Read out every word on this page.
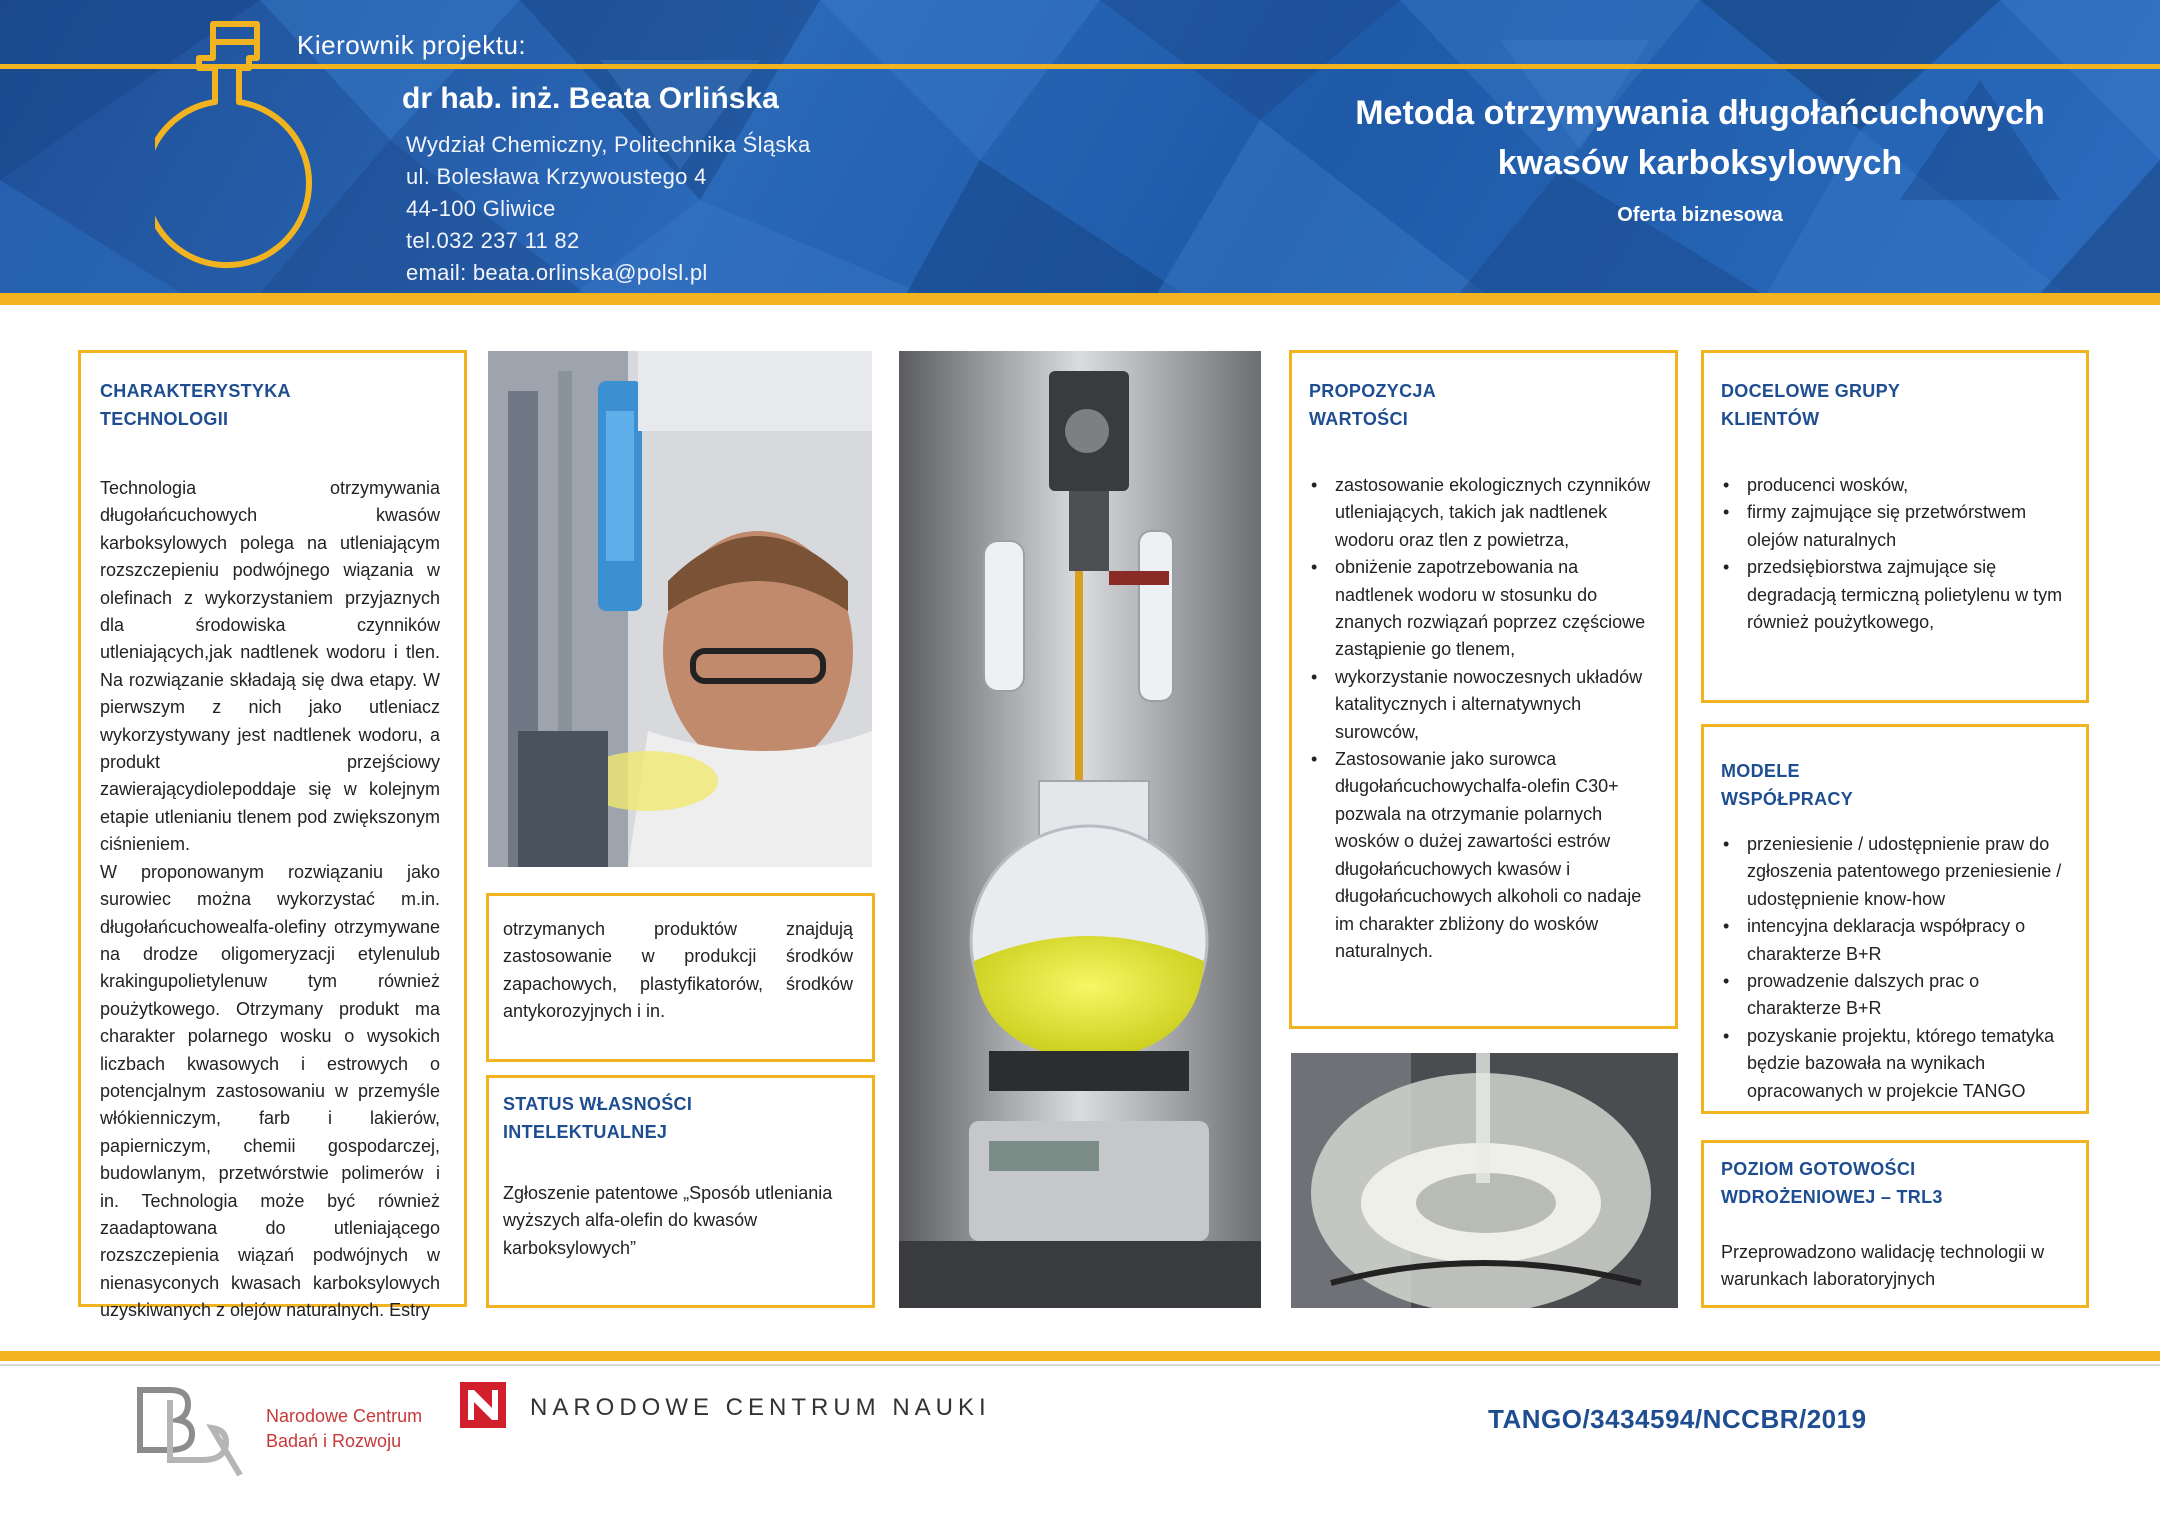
Kierownik projektu:
dr hab. inż. Beata Orlińska
Wydział Chemiczny, Politechnika Śląska
ul. Bolesława Krzywoustego 4
44-100 Gliwice
tel.032 237 11 82
email: beata.orlinska@polsl.pl
Metoda otrzymywania długołańcuchowych
kwasów karboksylowych
Oferta biznesowa
CHARAKTERYSTYKA
TECHNOLOGII
Technologia otrzymywania długołańcuchowych kwasów karboksylowych polega na utleniającym rozszczepieniu podwójnego wiązania w olefinach z wykorzystaniem przyjaznych dla środowiska czynników utleniających,jak nadtlenek wodoru i tlen. Na rozwiązanie składają się dwa etapy. W pierwszym z nich jako utleniacz wykorzystywany jest nadtlenek wodoru, a produkt przejściowy zawierającydiolepoddaje się w kolejnym etapie utlenianiu tlenem pod zwiększonym ciśnieniem.
W proponowanym rozwiązaniu jako surowiec można wykorzystać m.in. długołańcuchowealfa-olefiny otrzymywane na drodze oligomeryzacji etylenulub krakingupolietylenuw tym również poużytkowego. Otrzymany produkt ma charakter polarnego wosku o wysokich liczbach kwasowych i estrowych o potencjalnym zastosowaniu w przemyśle włókienniczym, farb i lakierów, papierniczym, chemii gospodarczej, budowlanym, przetwórstwie polimerów i in. Technologia może być również zaadaptowana do utleniającego rozszczepienia wiązań podwójnych w nienasyconych kwasach karboksylowych uzyskiwanych z olejów naturalnych. Estry
otrzymanych produktów znajdują zastosowanie w produkcji środków zapachowych, plastyfikatorów, środków antykorozyjnych i in.
STATUS WŁASNOŚCI
INTELEKTUALNEJ
Zgłoszenie patentowe „Sposób utleniania wyższych alfa-olefin do kwasów karboksylowych”
PROPOZYCJA
WARTOŚCI
• zastosowanie ekologicznych czynników utleniających, takich jak nadtlenek wodoru oraz tlen z powietrza,
• obniżenie zapotrzebowania na nadtlenek wodoru w stosunku do znanych rozwiązań poprzez częściowe zastąpienie go tlenem,
• wykorzystanie nowoczesnych układów katalitycznych i alternatywnych surowców,
• Zastosowanie jako surowca długołańcuchowychalfa-olefin C30+ pozwala na otrzymanie polarnych wosków o dużej zawartości estrów długołańcuchowych kwasów i długołańcuchowych alkoholi co nadaje im charakter zbliżony do wosków naturalnych.
DOCELOWE GRUPY
KLIENTÓW
• producenci wosków,
• firmy zajmujące się przetwórstwem olejów naturalnych
• przedsiębiorstwa zajmujące się degradacją termiczną polietylenu w tym również poużytkowego,
MODELE
WSPÓŁPRACY
• przeniesienie / udostępnienie praw do zgłoszenia patentowego przeniesienie / udostępnienie know-how
• intencyjna deklaracja współpracy o charakterze B+R
• prowadzenie dalszych prac o charakterze B+R
• pozyskanie projektu, którego tematyka będzie bazowała na wynikach opracowanych w projekcie TANGO
POZIOM GOTOWOŚCI
WDROŻENIOWEJ – TRL3
Przeprowadzono walidację technologii w warunkach laboratoryjnych
Narodowe Centrum
Badań i Rozwoju
NARODOWE CENTRUM NAUKI	TANGO/3434594/NCCBR/2019
